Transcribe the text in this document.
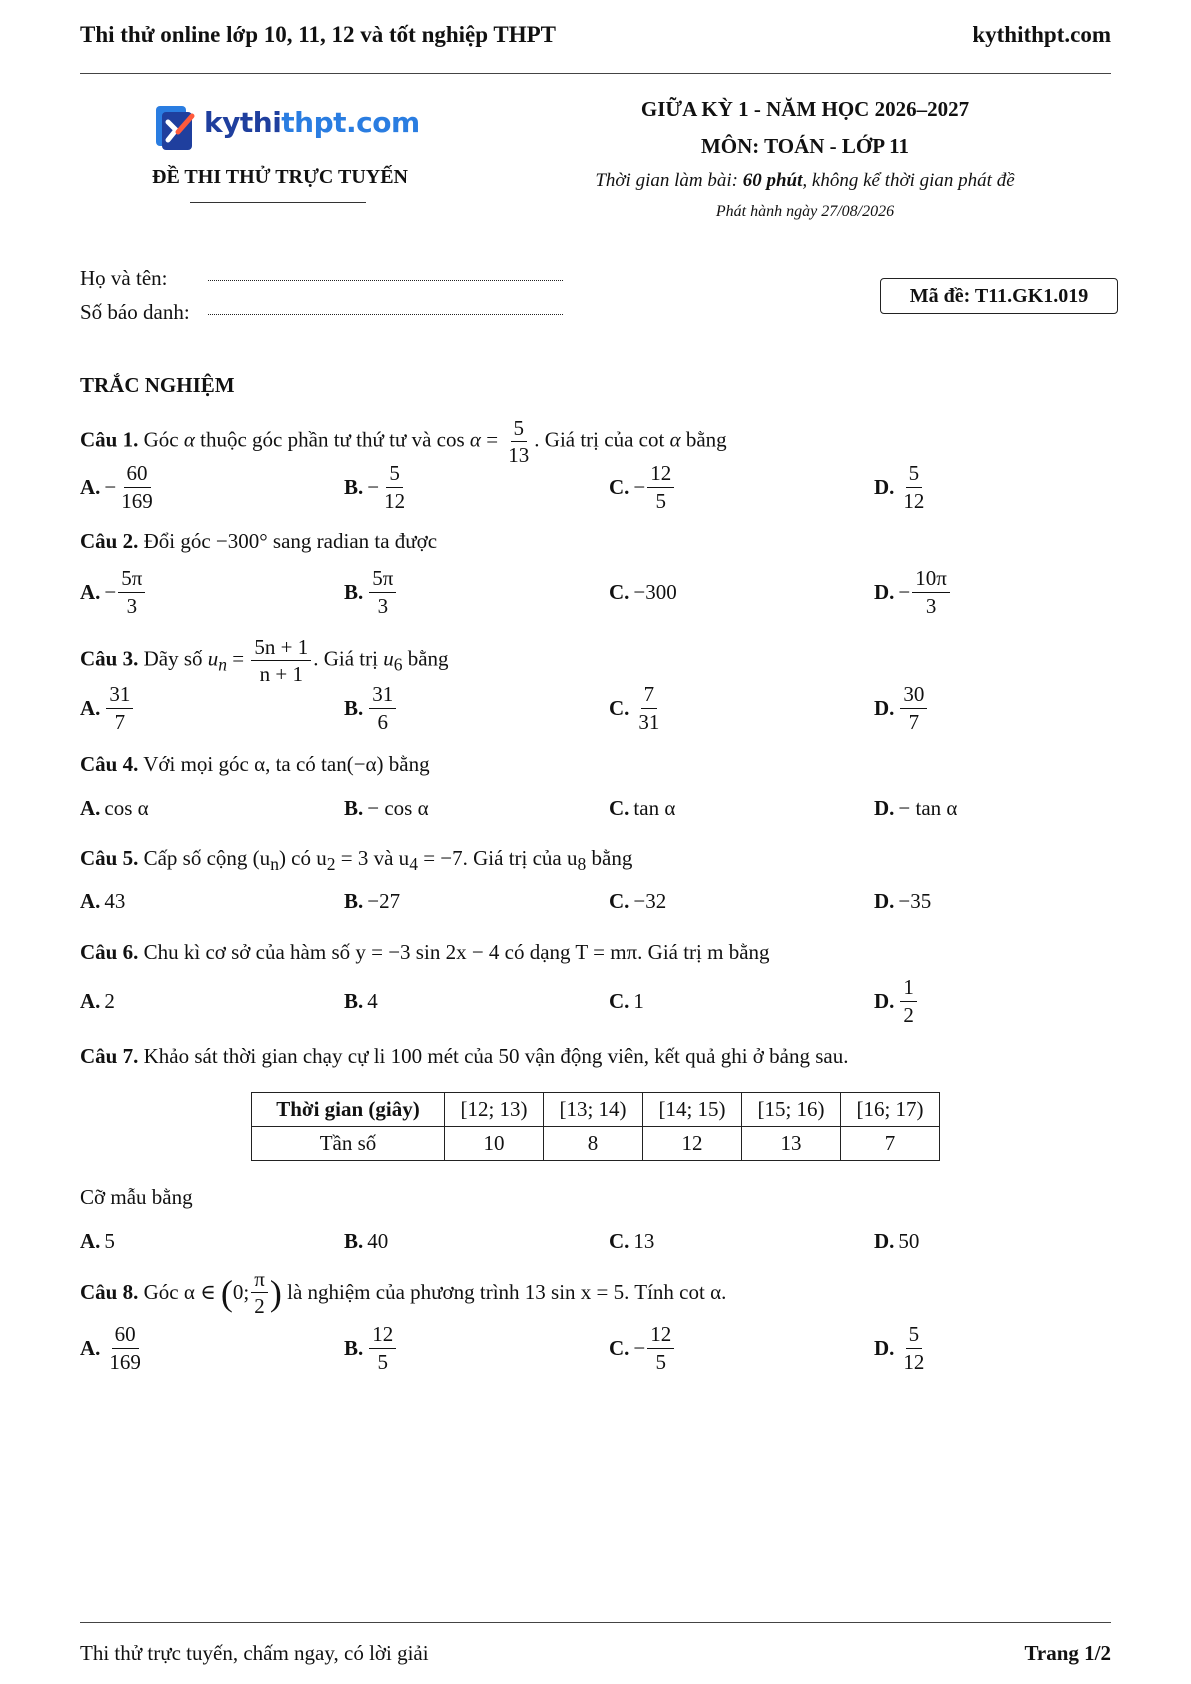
Thi thử online lớp 10, 11, 12 và tốt nghiệp THPT	kythithpt.com
kythithpt.com
ĐỀ THI THỬ TRỰC TUYẾN
GIỮA KỲ 1 - NĂM HỌC 2026–2027
MÔN: TOÁN - LỚP 11
Thời gian làm bài: 60 phút, không kể thời gian phát đề
Phát hành ngày 27/08/2026
Họ và tên:
Số báo danh:
Mã đề: T11.GK1.019
TRẮC NGHIỆM
Câu 1. Góc α thuộc góc phần tư thứ tư và $\cos \alpha = \frac{5}{13}$ . Giá trị của cot α bằng
A. − $\frac{60}{169}$	B. − $\frac{5}{12}$	C. − $\frac{12}{5}$	D. $\frac{5}{12}$
Câu 2. Đổi góc −300° sang radian ta được
A. − $\frac{5\pi}{3}$	B. $\frac{5\pi}{3}$	C. −300	D. − $\frac{10\pi}{3}$
Câu 3. Dãy số $u_n = \frac{5n + 1}{n + 1}$ . Giá trị $u_6$ bằng
A. $\frac{31}{7}$	B. $\frac{31}{6}$	C. $\frac{7}{31}$	D. $\frac{30}{7}$
Câu 4. Với mọi góc α, ta có tan(−α) bằng
A. cos α	B. − cos α	C. tan α	D. − tan α
Câu 5. Cấp số cộng $(u_n)$ có $u_2 = 3$ và $u_4 = -7$. Giá trị của $u_8$ bằng
A. 43	B. −27	C. −32	D. −35
Câu 6. Chu kì cơ sở của hàm số y = −3 sin 2x − 4 có dạng T = mπ. Giá trị m bằng
A. 2	B. 4	C. 1	D. $\frac{1}{2}$
Câu 7. Khảo sát thời gian chạy cự li 100 mét của 50 vận động viên, kết quả ghi ở bảng sau.
Thời gian (giây)	[12; 13)	[13; 14)	[14; 15)	[15; 16)	[16; 17)
Tần số	10	8	12	13	7
Cỡ mẫu bằng
A. 5	B. 40	C. 13	D. 50
Câu 8.
Góc α ∈
( 0; $\frac{\pi}{2}$ )
là nghiệm của phương trình 13 sin x = 5. Tính cot α.
A. $\frac{60}{169}$	B. $\frac{12}{5}$	C. − $\frac{12}{5}$	D. $\frac{5}{12}$
Thi thử trực tuyến, chấm ngay, có lời giải	Trang 1/2
